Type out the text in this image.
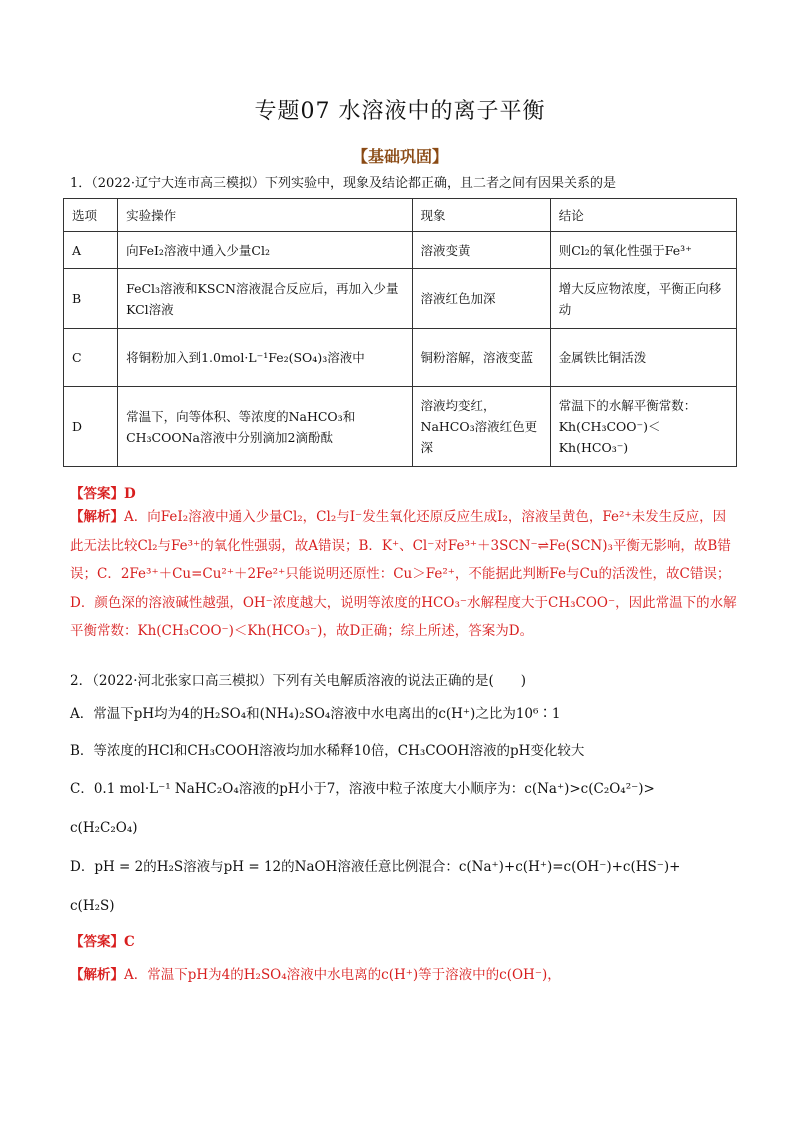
专题07 水溶液中的离子平衡
【基础巩固】
1．（2022·辽宁大连市高三模拟）下列实验中，现象及结论都正确，且二者之间有因果关系的是
选项	实验操作	现象	结论
A	向FeI₂溶液中通入少量Cl₂	溶液变黄	则Cl₂的氧化性强于Fe³⁺
B	FeCl₃溶液和KSCN溶液混合反应后，再加入少量KCl溶液	溶液红色加深	增大反应物浓度，平衡正向移动
C	将铜粉加入到1.0mol·L⁻¹Fe₂(SO₄)₃溶液中	铜粉溶解，溶液变蓝	金属铁比铜活泼
D	常温下，向等体积、等浓度的NaHCO₃和CH₃COONa溶液中分别滴加2滴酚酞	溶液均变红，NaHCO₃溶液红色更深	常温下的水解平衡常数：Kh(CH₃COO⁻)＜Kh(HCO₃⁻)
【答案】D
【解析】A．向FeI₂溶液中通入少量Cl₂，Cl₂与I⁻发生氧化还原反应生成I₂，溶液呈黄色，Fe²⁺未发生反应，因此无法比较Cl₂与Fe³⁺的氧化性强弱，故A错误；B．K⁺、Cl⁻对Fe³⁺＋3SCN⁻⇌Fe(SCN)₃平衡无影响，故B错误；C．2Fe³⁺＋Cu=Cu²⁺＋2Fe²⁺只能说明还原性：Cu＞Fe²⁺，不能据此判断Fe与Cu的活泼性，故C错误；D．颜色深的溶液碱性越强，OH⁻浓度越大，说明等浓度的HCO₃⁻水解程度大于CH₃COO⁻，因此常温下的水解平衡常数：Kh(CH₃COO⁻)＜Kh(HCO₃⁻)，故D正确；综上所述，答案为D。
2．（2022·河北张家口高三模拟）下列有关电解质溶液的说法正确的是(　　)
A．常温下pH均为4的H₂SO₄和(NH₄)₂SO₄溶液中水电离出的c(H⁺)之比为10⁶∶1
B．等浓度的HCl和CH₃COOH溶液均加水稀释10倍，CH₃COOH溶液的pH变化较大
C．0.1 mol·L⁻¹ NaHC₂O₄溶液的pH小于7，溶液中粒子浓度大小顺序为：c(Na⁺)>c(C₂O₄²⁻)>
c(H₂C₂O₄)
D．pH = 2的H₂S溶液与pH = 12的NaOH溶液任意比例混合：c(Na⁺)+c(H⁺)=c(OH⁻)+c(HS⁻)+
c(H₂S)
【答案】C
【解析】A．常温下pH为4的H₂SO₄溶液中水电离的c(H⁺)等于溶液中的c(OH⁻)，
